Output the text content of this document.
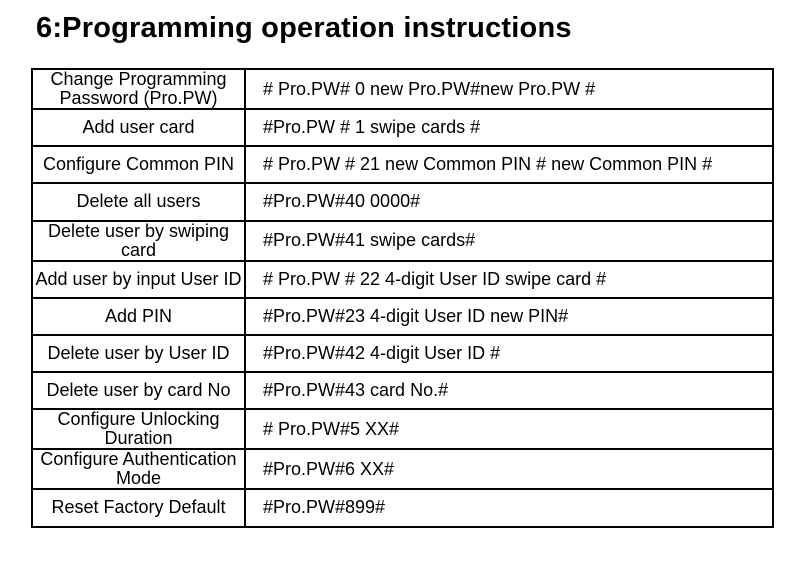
6:Programming operation instructions
Change Programming Password (Pro.PW)	# Pro.PW# 0 new Pro.PW#new Pro.PW #

Add user card	#Pro.PW # 1 swipe cards #

Configure Common PIN	# Pro.PW # 21 new Common PIN # new Common PIN #

Delete all users	#Pro.PW#40 0000#

Delete user by swiping card	#Pro.PW#41 swipe cards#

Add user by input User ID	# Pro.PW # 22 4-digit User ID swipe card #

Add PIN	#Pro.PW#23 4-digit User ID new PIN#

Delete user by User ID	#Pro.PW#42 4-digit User ID #

Delete user by card No	#Pro.PW#43 card No.#

Configure Unlocking Duration	# Pro.PW#5 XX#

Configure Authentication Mode	#Pro.PW#6 XX#

Reset Factory Default	#Pro.PW#899#
